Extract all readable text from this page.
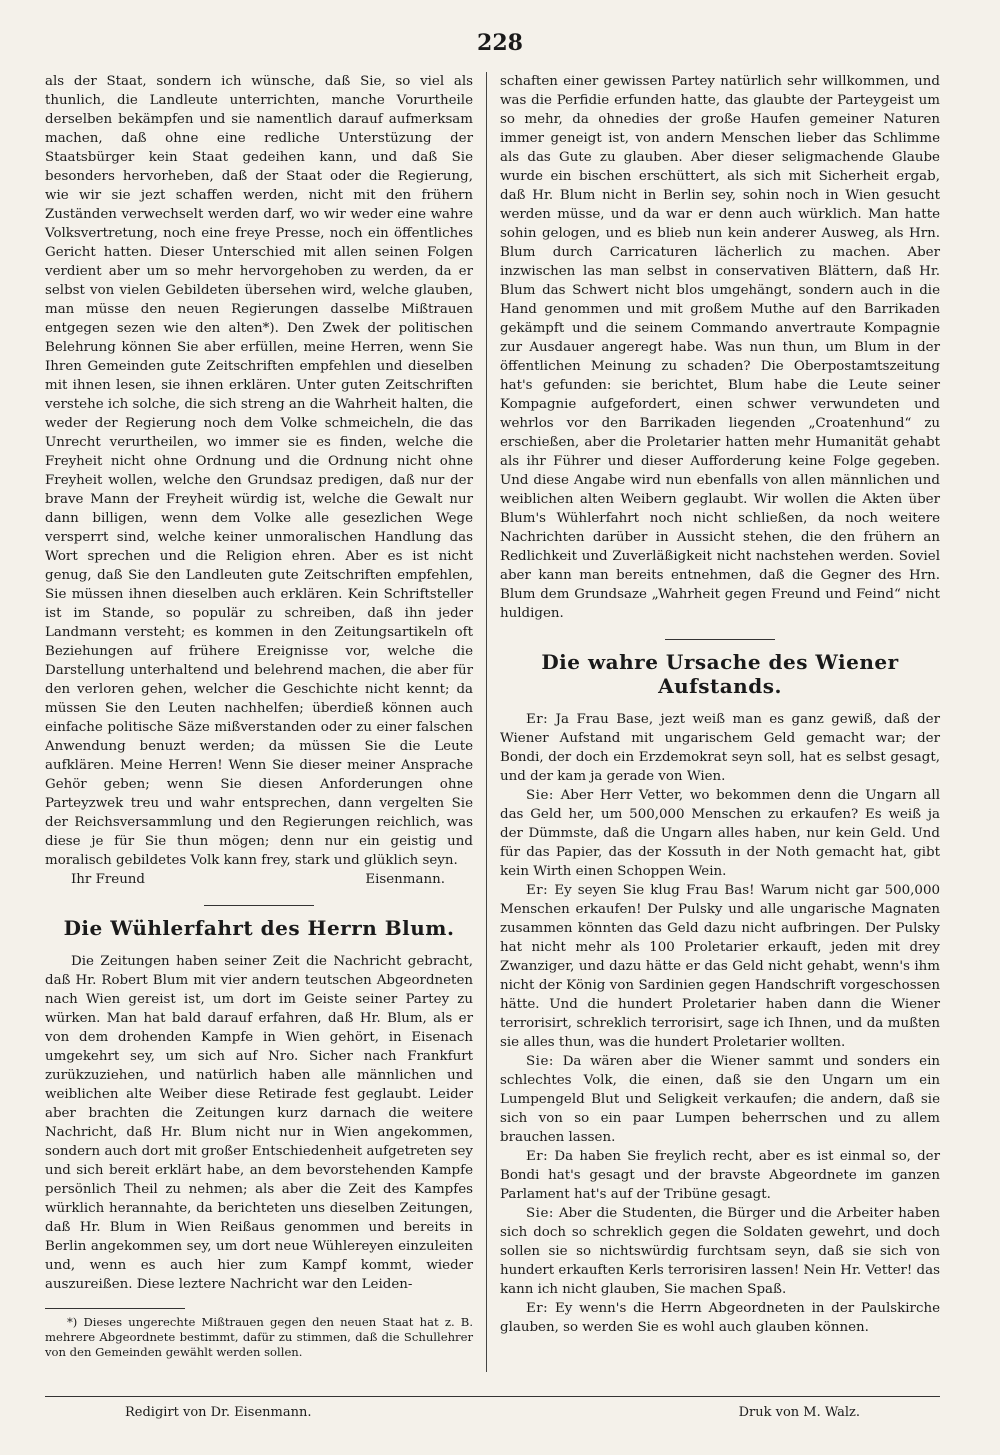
228

als der Staat, sondern ich wünsche, daß Sie, so viel als thunlich, die Landleute unterrichten, manche Vorurtheile derselben bekämpfen und sie namentlich darauf aufmerksam machen, daß ohne eine redliche Unterstüzung der Staatsbürger kein Staat gedeihen kann, und daß Sie besonders hervorheben, daß der Staat oder die Regierung, wie wir sie jezt schaffen werden, nicht mit den frühern Zuständen verwechselt werden darf, wo wir weder eine wahre Volksvertretung, noch eine freye Presse, noch ein öffentliches Gericht hatten. Dieser Unterschied mit allen seinen Folgen verdient aber um so mehr hervorgehoben zu werden, da er selbst von vielen Gebildeten übersehen wird, welche glauben, man müsse den neuen Regierungen dasselbe Mißtrauen entgegen sezen wie den alten*). Den Zwek der politischen Belehrung können Sie aber erfüllen, meine Herren, wenn Sie Ihren Gemeinden gute Zeitschriften empfehlen und dieselben mit ihnen lesen, sie ihnen erklären. Unter guten Zeitschriften verstehe ich solche, die sich streng an die Wahrheit halten, die weder der Regierung noch dem Volke schmeicheln, die das Unrecht verurtheilen, wo immer sie es finden, welche die Freyheit nicht ohne Ordnung und die Ordnung nicht ohne Freyheit wollen, welche den Grundsaz predigen, daß nur der brave Mann der Freyheit würdig ist, welche die Gewalt nur dann billigen, wenn dem Volke alle gesezlichen Wege versperrt sind, welche keiner unmoralischen Handlung das Wort sprechen und die Religion ehren. Aber es ist nicht genug, daß Sie den Landleuten gute Zeitschriften empfehlen, Sie müssen ihnen dieselben auch erklären. Kein Schriftsteller ist im Stande, so populär zu schreiben, daß ihn jeder Landmann versteht; es kommen in den Zeitungsartikeln oft Beziehungen auf frühere Ereignisse vor, welche die Darstellung unterhaltend und belehrend machen, die aber für den verloren gehen, welcher die Geschichte nicht kennt; da müssen Sie den Leuten nachhelfen; überdieß können auch einfache politische Säze mißverstanden oder zu einer falschen Anwendung benuzt werden; da müssen Sie die Leute aufklären. Meine Herren! Wenn Sie dieser meiner Ansprache Gehör geben; wenn Sie diesen Anforderungen ohne Parteyzwek treu und wahr entsprechen, dann vergelten Sie der Reichsversammlung und den Regierungen reichlich, was diese je für Sie thun mögen; denn nur ein geistig und moralisch gebildetes Volk kann frey, stark und glüklich seyn.

Ihr Freund	Eisenmann.
Die Wühlerfahrt des Herrn Blum.

Die Zeitungen haben seiner Zeit die Nachricht gebracht, daß Hr. Robert Blum mit vier andern teutschen Abgeordneten nach Wien gereist ist, um dort im Geiste seiner Partey zu würken. Man hat bald darauf erfahren, daß Hr. Blum, als er von dem drohenden Kampfe in Wien gehört, in Eisenach umgekehrt sey, um sich auf Nro. Sicher nach Frankfurt zurükzuziehen, und natürlich haben alle männlichen und weiblichen alte Weiber diese Retirade fest geglaubt. Leider aber brachten die Zeitungen kurz darnach die weitere Nachricht, daß Hr. Blum nicht nur in Wien angekommen, sondern auch dort mit großer Entschiedenheit aufgetreten sey und sich bereit erklärt habe, an dem bevorstehenden Kampfe persönlich Theil zu nehmen; als aber die Zeit des Kampfes würklich herannahte, da berichteten uns dieselben Zeitungen, daß Hr. Blum in Wien Reißaus genommen und bereits in Berlin angekommen sey, um dort neue Wühlereyen einzuleiten und, wenn es auch hier zum Kampf kommt, wieder auszureißen. Diese leztere Nachricht war den Leiden-

*) Dieses ungerechte Mißtrauen gegen den neuen Staat hat z. B. mehrere Abgeordnete bestimmt, dafür zu stimmen, daß die Schullehrer von den Gemeinden gewählt werden sollen.

schaften einer gewissen Partey natürlich sehr willkommen, und was die Perfidie erfunden hatte, das glaubte der Parteygeist um so mehr, da ohnedies der große Haufen gemeiner Naturen immer geneigt ist, von andern Menschen lieber das Schlimme als das Gute zu glauben. Aber dieser seligmachende Glaube wurde ein bischen erschüttert, als sich mit Sicherheit ergab, daß Hr. Blum nicht in Berlin sey, sohin noch in Wien gesucht werden müsse, und da war er denn auch würklich. Man hatte sohin gelogen, und es blieb nun kein anderer Ausweg, als Hrn. Blum durch Carricaturen lächerlich zu machen. Aber inzwischen las man selbst in conservativen Blättern, daß Hr. Blum das Schwert nicht blos umgehängt, sondern auch in die Hand genommen und mit großem Muthe auf den Barrikaden gekämpft und die seinem Commando anvertraute Kompagnie zur Ausdauer angeregt habe. Was nun thun, um Blum in der öffentlichen Meinung zu schaden? Die Oberpostamtszeitung hat's gefunden: sie berichtet, Blum habe die Leute seiner Kompagnie aufgefordert, einen schwer verwundeten und wehrlos vor den Barrikaden liegenden „Croatenhund“ zu erschießen, aber die Proletarier hatten mehr Humanität gehabt als ihr Führer und dieser Aufforderung keine Folge gegeben. Und diese Angabe wird nun ebenfalls von allen männlichen und weiblichen alten Weibern geglaubt. Wir wollen die Akten über Blum's Wühlerfahrt noch nicht schließen, da noch weitere Nachrichten darüber in Aussicht stehen, die den frühern an Redlichkeit und Zuverläßigkeit nicht nachstehen werden. Soviel aber kann man bereits entnehmen, daß die Gegner des Hrn. Blum dem Grundsaze „Wahrheit gegen Freund und Feind“ nicht huldigen.

Die wahre Ursache des Wiener Aufstands.

Er: Ja Frau Base, jezt weiß man es ganz gewiß, daß der Wiener Aufstand mit ungarischem Geld gemacht war; der Bondi, der doch ein Erzdemokrat seyn soll, hat es selbst gesagt, und der kam ja gerade von Wien.

Sie: Aber Herr Vetter, wo bekommen denn die Ungarn all das Geld her, um 500,000 Menschen zu erkaufen? Es weiß ja der Dümmste, daß die Ungarn alles haben, nur kein Geld. Und für das Papier, das der Kossuth in der Noth gemacht hat, gibt kein Wirth einen Schoppen Wein.

Er: Ey seyen Sie klug Frau Bas! Warum nicht gar 500,000 Menschen erkaufen! Der Pulsky und alle ungarische Magnaten zusammen könnten das Geld dazu nicht aufbringen. Der Pulsky hat nicht mehr als 100 Proletarier erkauft, jeden mit drey Zwanziger, und dazu hätte er das Geld nicht gehabt, wenn's ihm nicht der König von Sardinien gegen Handschrift vorgeschossen hätte. Und die hundert Proletarier haben dann die Wiener terrorisirt, schreklich terrorisirt, sage ich Ihnen, und da mußten sie alles thun, was die hundert Proletarier wollten.

Sie: Da wären aber die Wiener sammt und sonders ein schlechtes Volk, die einen, daß sie den Ungarn um ein Lumpengeld Blut und Seligkeit verkaufen; die andern, daß sie sich von so ein paar Lumpen beherrschen und zu allem brauchen lassen.

Er: Da haben Sie freylich recht, aber es ist einmal so, der Bondi hat's gesagt und der bravste Abgeordnete im ganzen Parlament hat's auf der Tribüne gesagt.

Sie: Aber die Studenten, die Bürger und die Arbeiter haben sich doch so schreklich gegen die Soldaten gewehrt, und doch sollen sie so nichtswürdig furchtsam seyn, daß sie sich von hundert erkauften Kerls terrorisiren lassen! Nein Hr. Vetter! das kann ich nicht glauben, Sie machen Spaß.

Er: Ey wenn's die Herrn Abgeordneten in der Paulskirche glauben, so werden Sie es wohl auch glauben können.

Redigirt von Dr. Eisenmann.	Druk von M. Walz.
